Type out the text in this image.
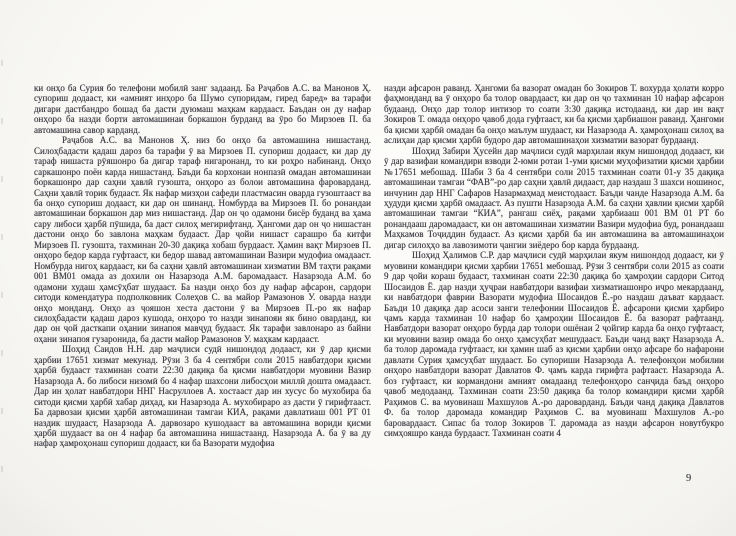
ки онҳо ба Сурия бо телефони мобилӣ занг задаанд. Ба Раҷабов А.С. ва Манонов Ҳ. супориш додааст, ки «амният инҳоро ба Шумо супоридам, гиред баред» ва тарафи дигари дастбандро бошад ба дасти дуюмаш маҳкам кардааст. Баъдан он ду нафар онҳоро ба назди борти автомашинаи боркашон бурданд ва ӯро бо Мирзоев П. ба автомашина савор карданд.

Раҷабов А.С. ва Манонов Ҳ. низ бо онҳо ба автомашина нишастанд. Силоҳбадасти қадаш дароз ба тарафи ӯ ва Мирзоев П. супориш додааст, ки дар ду тараф нишаста рӯяшонро ба дигар тараф нигаронанд, то ки роҳро набинанд. Онҳо саркашонро поён карда нишастанд. Баъди ба корхонаи нонпазӣ омадан автомашинаи боркашонро дар саҳни ҳавлӣ гузошта, онҳоро аз болои автомашина фароварданд. Саҳни ҳавлӣ торик будааст. Як нафар мизҳои сафеди пластмасин оварда гузоштааст ва ба онҳо супориш додааст, ки дар он шинанд. Номбурда ва Мирзоев П. бо ронандаи автомашинаи боркашон дар миз нишастанд. Дар он ҷо одамони бисёр буданд ва ҳама сару либоси ҳарбӣ пӯшида, ба даст силоҳ мегирифтанд. Ҳангоми дар он ҷо нишастан дастони онҳо бо завлона маҳкам будааст. Дар ҷойи нишаст сарашро ба китфи Мирзоев П. гузошта, тахминан 20-30 дақиқа хобаш бурдааст. Ҳамин вақт Мирзоев П. онҳоро бедор карда гуфтааст, ки бедор шавад автомашинаи Вазири мудофиа омадааст. Номбурда нигоҳ кардааст, ки ба саҳни ҳавлӣ автомашинаи хизматии ВМ таҳти рақами 001 ВМ01 омада аз дохили он Назарзода А.М. баромадааст. Назарзода А.М. бо одамони худаш ҳамсӯҳбат шудааст. Ба назди онҳо боз ду нафар афсарон, сардори ситоди комендатура подполковник Солеҳов С. ва майор Рамазонов У. оварда назди онҳо монданд. Онҳо аз ҷояшон хеста дастони ӯ ва Мирзоев П.-ро як нафар силоҳбадасти қадаш дароз кушода, онҳоро то назди зинапояи як бино оварданд, ки дар он ҷой дасткапи оҳании зинапоя мавҷуд будааст. Як тарафи завлонаро аз байни оҳани зинапоя гузаронида, ба дасти майор Рамазонов У. маҳкам кардааст.

Шоҳид Саидов Н.Н. дар маҷлиси судӣ нишондод додааст, ки ӯ дар қисми ҳарбии 17651 хизмат мекунад. Рӯзи 3 ба 4 сентябри соли 2015 навбатдори қисми ҳарбӣ будааст тахминан соати 22:30 дақиқа ба қисми навбатдори муовини Вазир Назарзода А. бо либоси низомӣ бо 4 нафар шахсони либосҳои миллӣ дошта омадааст. Дар ин ҳолат навбатдори ННГ Насруллоев А. хостааст дар ин хусус бо мухобира ба ситоди қисми ҳарбӣ хабар диҳад, ки Назарзода А. мухобираро аз дасти ӯ гирифтааст. Ба дарвозаи қисми ҳарбӣ автомашинаи тамгаи КИА, рақами давлатиаш 001 РТ 01 наздик шудааст, Назарзода А. дарвозаро кушодааст ва автомашина вориди қисми ҳарбӣ шудааст ва он 4 нафар ба автомашина нишастаанд. Назарзода А. ба ӯ ва ду нафар ҳамроҳонаш супориш додааст, ки ба Вазорати мудофиа

назди афсарон раванд. Ҳангоми ба вазорат омадан бо Зокиров Т. вохурда ҳолати корро фаҳмонданд ва ӯ онҳоро ба толор овардааст, ки дар он ҷо тахминан 10 нафар афсарон будаанд. Онҳо дар толор интизор то соати 3:30 дақиқа истодаанд, ки дар ин вақт Зокиров Т. омада онҳоро ҷавоб дода гуфтааст, ки ба қисми ҳарбиашон раванд. Ҳангоми ба қисми ҳарбӣ омадан ба онҳо маълум шудааст, ки Назарзода А. ҳамроҳонаш силоҳ ва аслиҳаи дар қисми ҳарбӣ будоро дар автомашинаҳои хизматии вазорат бурдаанд.

Шоҳид Забири Ҳусейн дар маҷлиси судӣ марҳилаи якум нишондод додааст, ки ӯ дар вазифаи командири взводи 2-юми ротаи 1-уми қисми муҳофизатии қисми ҳарбии №17651 мебошад. Шаби 3 ба 4 сентябри соли 2015 тахминан соати 01-у 35 дақиқа автомашинаи тамгаи “ФАВ”-ро дар саҳни ҳавлӣ дидааст, дар наздаш 3 шахси ношинос, инчунин дар ННГ Сафаров Назармаҳмад меистодааст. Баъди чанде Назарзода А.М. ба ҳудуди қисми ҳарбӣ омадааст. Аз пушти Назарзода А.М. ба саҳни ҳавлии қисми ҳарбӣ автомашинаи тамгаи “КИА”, рангаш сиёҳ, рақами ҳарбиааш 001 ВМ 01 РТ бо ронандааш даромадааст, ки он автомашинаи хизматии Вазири мудофиа буд, ронандааш Маҳкамов Тоҷиддин будааст. Аз қисми ҳарбӣ ба ин автомашина ва автомашинаҳои дигар силоҳҳо ва лавозимоти ҷангии зиёдеро бор карда бурдаанд.

Шоҳид Ҳалимов С.Р. дар маҷлиси судӣ марҳилаи якум нишондод додааст, ки ӯ муовини командири қисми ҳарбии 17651 мебошад. Рӯзи 3 сентябри соли 2015 аз соати 9 дар ҷойи кораш будааст, тахминан соати 22:30 дақиқа бо ҳамроҳии сардори Ситод Шосаидов Ё. дар назди ҳуҷраи навбатдори вазифаи хизматиашонро иҷро мекардаанд, ки навбатдори фаврии Вазорати мудофиа Шосаидов Ё.-ро наздаш даъват кардааст. Баъди 10 дақиқа дар асоси занги телефонии Шосаидов Ё. афсарони қисми ҳарбиро ҷамъ карда тахминан 10 нафар бо ҳамроҳии Шосаидов Ё. ба вазорат рафтаанд. Навбатдори вазорат онҳоро бурда дар толори ошёнаи 2 ҷойгир карда ба онҳо гуфтааст, ки муовини вазир омада бо онҳо ҳамсуҳбат мешудааст. Баъди чанд вақт Назарзода А. ба толор даромада гуфтааст, ки ҳамин шаб аз қисми ҳарбии онҳо афсаре бо нафарони давлати Сурия ҳамсуҳбат шудааст. Бо супориши Назарзода А. телефонҳои мобилии онҳоро навбатдори вазорат Давлатов Ф. ҷамъ карда гирифта рафтааст. Назарзода А. боз гуфтааст, ки кормандони амният омадаанд телефонҳоро санҷида баъд онҳоро ҷавоб медодаанд. Тахминан соати 23:50 дақиқа ба толор командири қисми ҳарбӣ Раҳимов С. ва муовинаш Махшулов А.-ро дароварданд. Баъди чанд дақиқа Давлатов Ф. ба толор даромада командир Раҳимов С. ва муовинаш Махшулов А.-ро баровардааст. Сипас ба толор Зокиров Т. даромада аз назди афсарон новутбукро симҳояшро канда бурдааст. Тахминан соати 4

9
